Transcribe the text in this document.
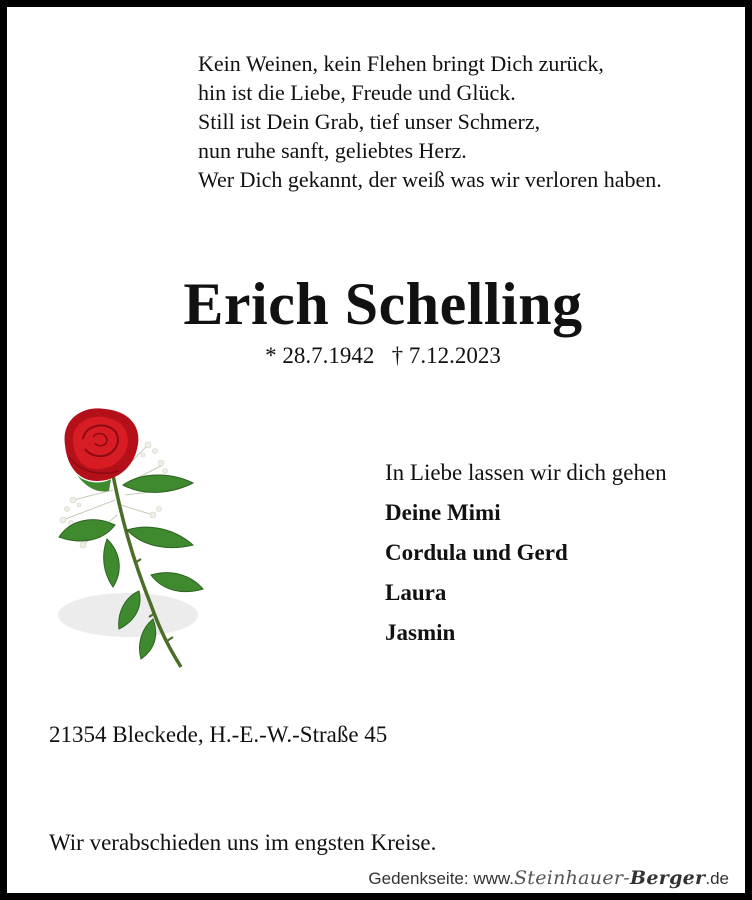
Kein Weinen, kein Flehen bringt Dich zurück,
hin ist die Liebe, Freude und Glück.
Still ist Dein Grab, tief unser Schmerz,
nun ruhe sanft, geliebtes Herz.
Wer Dich gekannt, der weiß was wir verloren haben.
Erich Schelling
* 28.7.1942   † 7.12.2023
In Liebe lassen wir dich gehen
Deine Mimi
Cordula und Gerd
Laura
Jasmin
21354 Bleckede, H.-E.-W.-Straße 45
Wir verabschieden uns im engsten Kreise.
Gedenkseite: www.Steinhauer-Berger.de
